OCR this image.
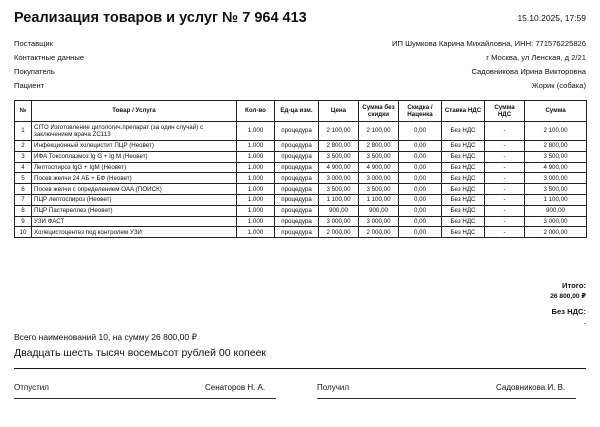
Реализация товаров и услуг № 7 964 413	15.10.2025, 17:59
Поставщик	ИП Шумкова Карина Михайловна, ИНН: 771576225826
Контактные данные	г Москва, ул Ленская, д 2/21
Покупатель	Садовникова Ирина Викторовна
Пациент	Жорик (собака)
№	Товар / Услуга	Кол-во	Ед-ца изм.	Цена	Сумма без скидки	Скидка / Наценка	Ставка НДС	Сумма НДС	Сумма
1	CITO Изготовление цитологич.препарат (за один случай) с заключением врача ZC113	1.000	процедура	2 100,00	2 100,00	0,00	Без НДС	-	2 100,00
2	Инфекционный холецистит ПЦР (Неовет)	1.000	процедура	2 800,00	2 800,00	0,00	Без НДС	-	2 800,00
3	ИФА Токсоплазмоз Ig G + Ig M (Неовет)	1.000	процедура	3 500,00	3 500,00	0,00	Без НДС	-	3 500,00
4	Лептоспироз IgG + IgM (Неовет)	1.000	процедура	4 900,00	4 900,00	0,00	Без НДС	-	4 900,00
5	Посев желчи 24 АБ + БФ (Неовет)	1.000	процедура	3 000,00	3 000,00	0,00	Без НДС	-	3 000,00
6	Посев желчи с определением ОАА (ПОИСК)	1.000	процедура	3 500,00	3 500,00	0,00	Без НДС	-	3 500,00
7	ПЦР лептоспироз (Неовет)	1.000	процедура	1 100,00	1 100,00	0,00	Без НДС	-	1 100,00
8	ПЦР Пастереллез (Неовет)	1.000	процедура	900,00	900,00	0,00	Без НДС	-	900,00
9	УЗИ ФАСТ	1.000	процедура	3 000,00	3 000,00	0,00	Без НДС	-	3 000,00
10	Холецистоцентез под контролем УЗИ	1.000	процедура	2 000,00	2 000,00	0,00	Без НДС	-	2 000,00
Итого:
26 800,00 ₽
Без НДС:
-
Всего наименований 10, на сумму 26 800,00 ₽
Двадцать шесть тысяч восемьсот рублей 00 копеек
Отпустил	Сенаторов Н. А.	Получил	Садовникова И. В.
